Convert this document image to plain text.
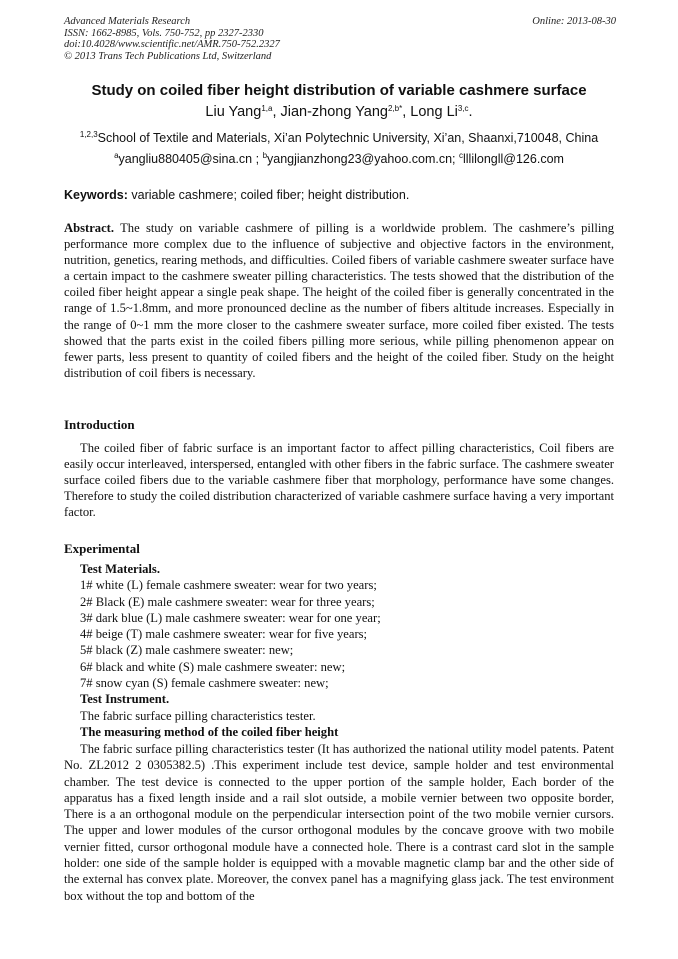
Advanced Materials Research
ISSN: 1662-8985, Vols. 750-752, pp 2327-2330
doi:10.4028/www.scientific.net/AMR.750-752.2327
© 2013 Trans Tech Publications Ltd, Switzerland
Online: 2013-08-30
Study on coiled fiber height distribution of variable cashmere surface
Liu Yang$^{1,a}$, Jian-zhong Yang$^{2,b*}$, Long Li$^{3,c}$.
$^{1,2,3}$School of Textile and Materials, Xi’an Polytechnic University, Xi’an, Shaanxi,710048, China
$^a$yangliu880405@sina.cn ; $^b$yangjianzhong23@yahoo.com.cn; $^c$lllilongll@126.com
Keywords: variable cashmere; coiled fiber; height distribution.
Abstract. The study on variable cashmere of pilling is a worldwide problem. The cashmere’s pilling performance more complex due to the influence of subjective and objective factors in the environment, nutrition, genetics, rearing methods, and difficulties. Coiled fibers of variable cashmere sweater surface have a certain impact to the cashmere sweater pilling characteristics. The tests showed that the distribution of the coiled fiber height appear a single peak shape. The height of the coiled fiber is generally concentrated in the range of 1.5~1.8mm, and more pronounced decline as the number of fibers altitude increases. Especially in the range of 0~1 mm the more closer to the cashmere sweater surface, more coiled fiber existed. The tests showed that the parts exist in the coiled fibers pilling more serious, while pilling phenomenon appear on fewer parts, less present to quantity of coiled fibers and the height of the coiled fiber. Study on the height distribution of coil fibers is necessary.
Introduction
The coiled fiber of fabric surface is an important factor to affect pilling characteristics, Coil fibers are easily occur interleaved, interspersed, entangled with other fibers in the fabric surface. The cashmere sweater surface coiled fibers due to the variable cashmere fiber that morphology, performance have some changes. Therefore to study the coiled distribution characterized of variable cashmere surface having a very important factor.
Experimental
Test Materials.
1# white (L) female cashmere sweater: wear for two years;
2# Black (E) male cashmere sweater: wear for three years;
3# dark blue (L) male cashmere sweater: wear for one year;
4# beige (T) male cashmere sweater: wear for five years;
5# black (Z) male cashmere sweater: new;
6# black and white (S) male cashmere sweater: new;
7# snow cyan (S) female cashmere sweater: new;
Test Instrument.
The fabric surface pilling characteristics tester.
The measuring method of the coiled fiber height
The fabric surface pilling characteristics tester (It has authorized the national utility model patents. Patent No. ZL2012 2 0305382.5) .This experiment include test device, sample holder and test environmental chamber. The test device is connected to the upper portion of the sample holder, Each border of the apparatus has a fixed length inside and a rail slot outside, a mobile vernier between two opposite border, There is a an orthogonal module on the perpendicular intersection point of the two mobile vernier cursors. The upper and lower modules of the cursor orthogonal modules by the concave groove with two mobile vernier fitted, cursor orthogonal module have a connected hole. There is a contrast card slot in the sample holder: one side of the sample holder is equipped with a movable magnetic clamp bar and the other side of the external has convex plate. Moreover, the convex panel has a magnifying glass jack. The test environment box without the top and bottom of the
